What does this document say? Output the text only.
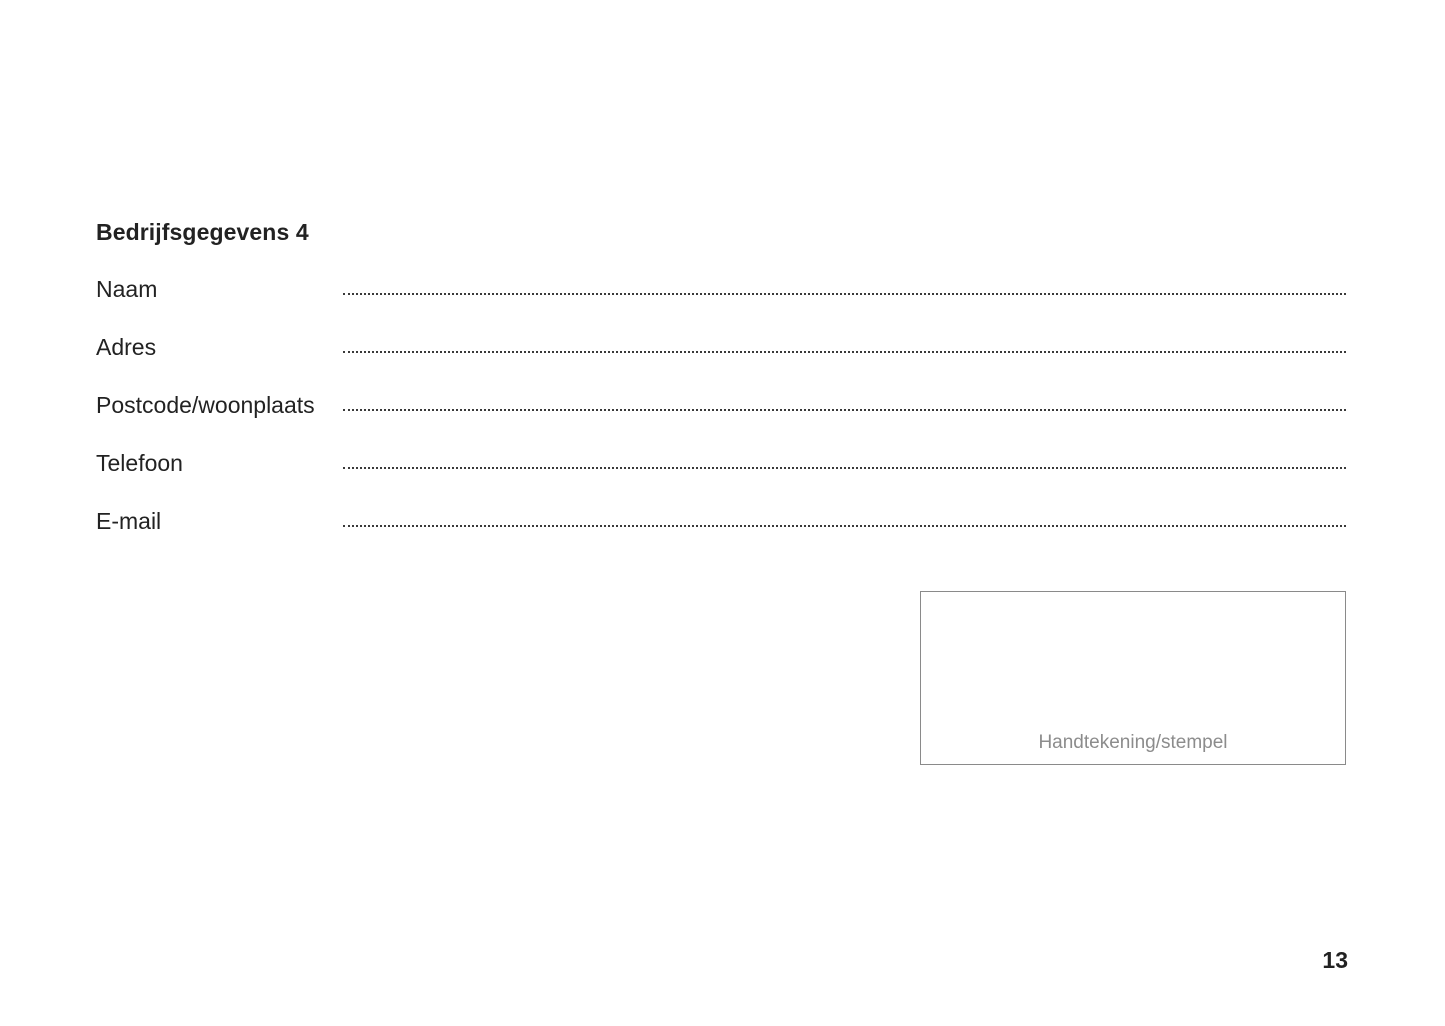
Bedrijfsgegevens 4
Naam
Adres
Postcode/woonplaats
Telefoon
E-mail
Handtekening/stempel
13
